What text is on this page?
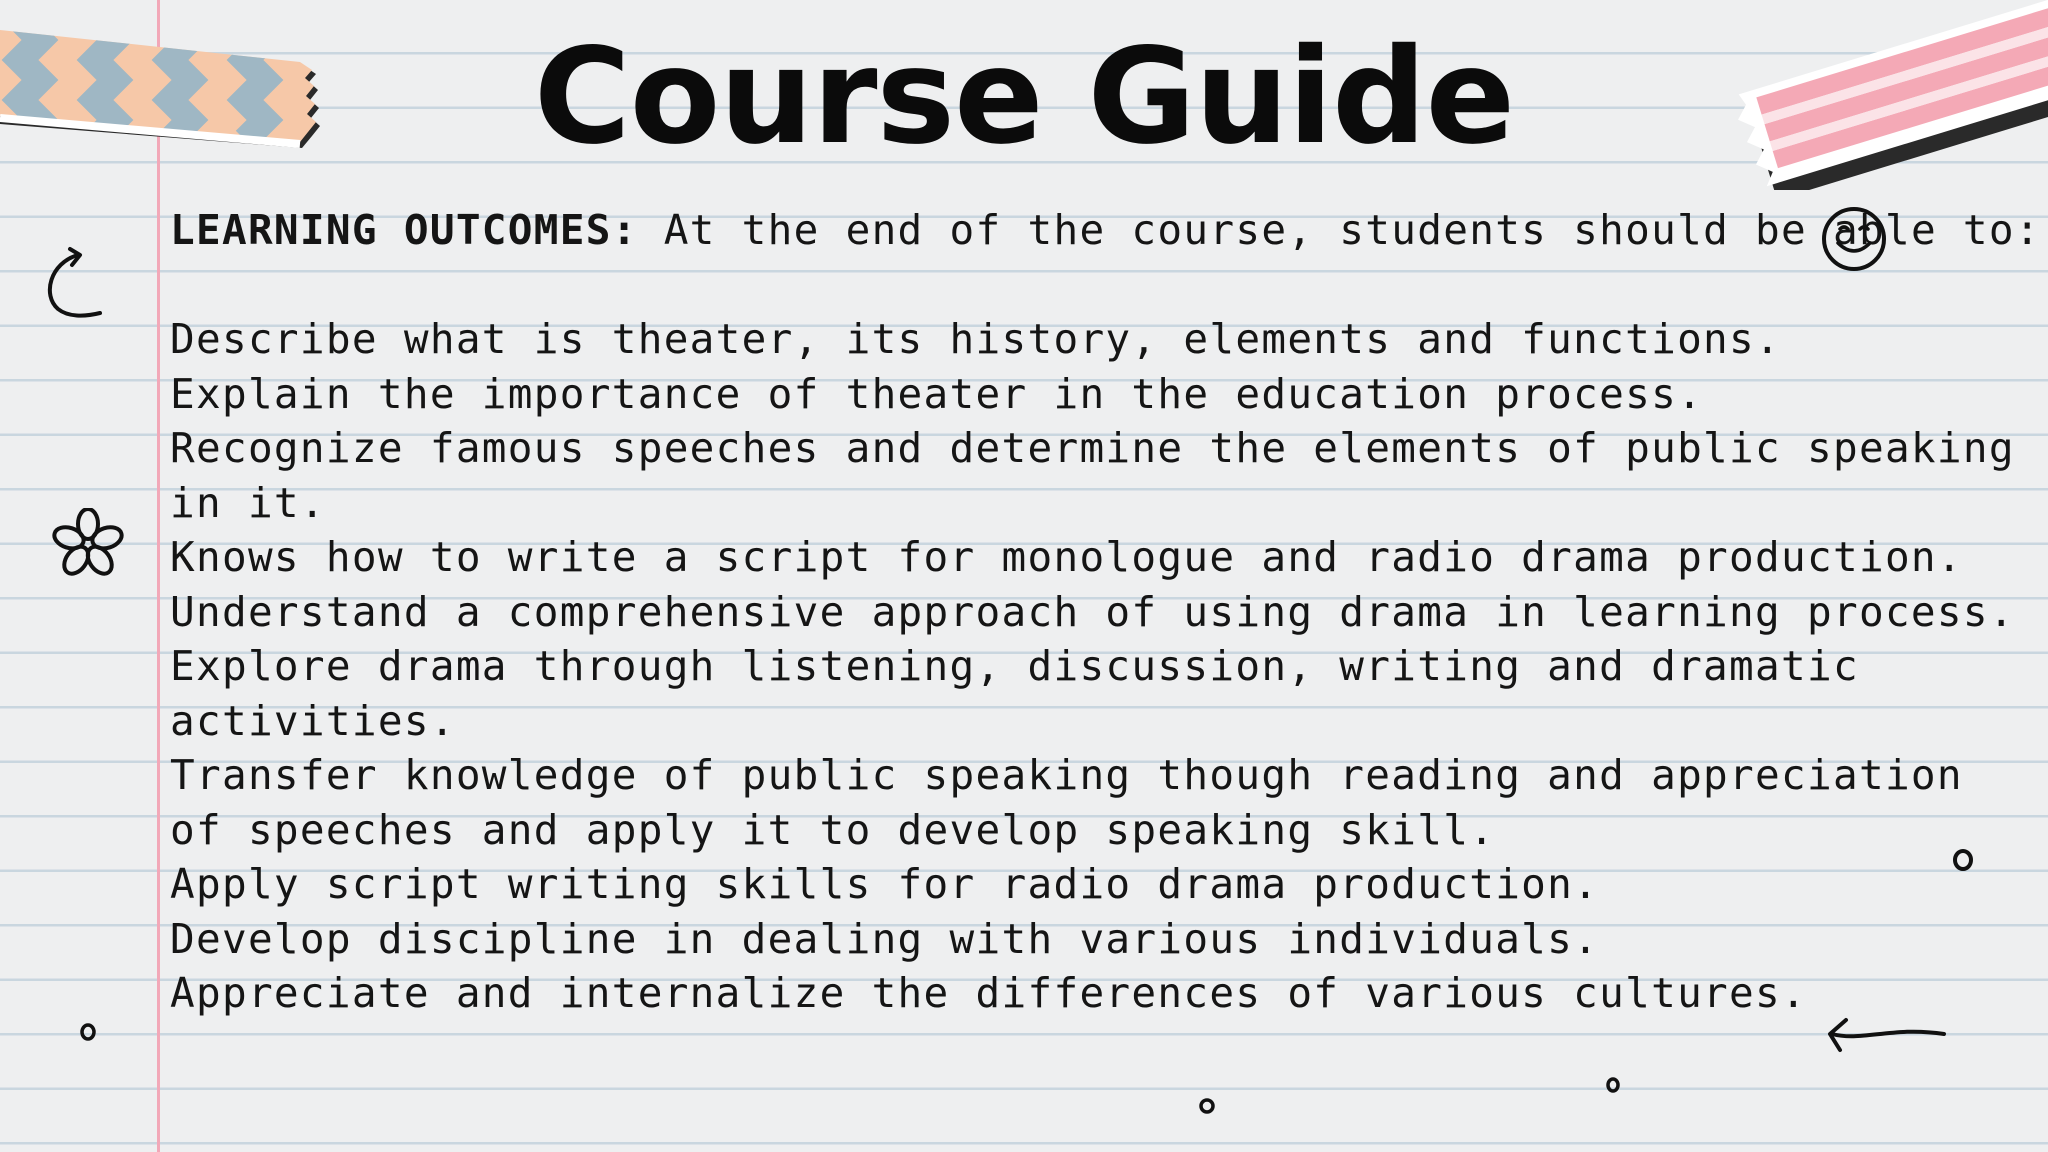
Course Guide

LEARNING OUTCOMES: At the end of the course, students should be able to:

Describe what is theater, its history, elements and functions.
Explain the importance of theater in the education process.
Recognize famous speeches and determine the elements of public speaking in it.
Knows how to write a script for monologue and radio drama production.
Understand a comprehensive approach of using drama in learning process.
Explore drama through listening, discussion, writing and dramatic activities.
Transfer knowledge of public speaking though reading and appreciation of speeches and apply it to develop speaking skill.
Apply script writing skills for radio drama production.
Develop discipline in dealing with various individuals.
Appreciate and internalize the differences of various cultures.
